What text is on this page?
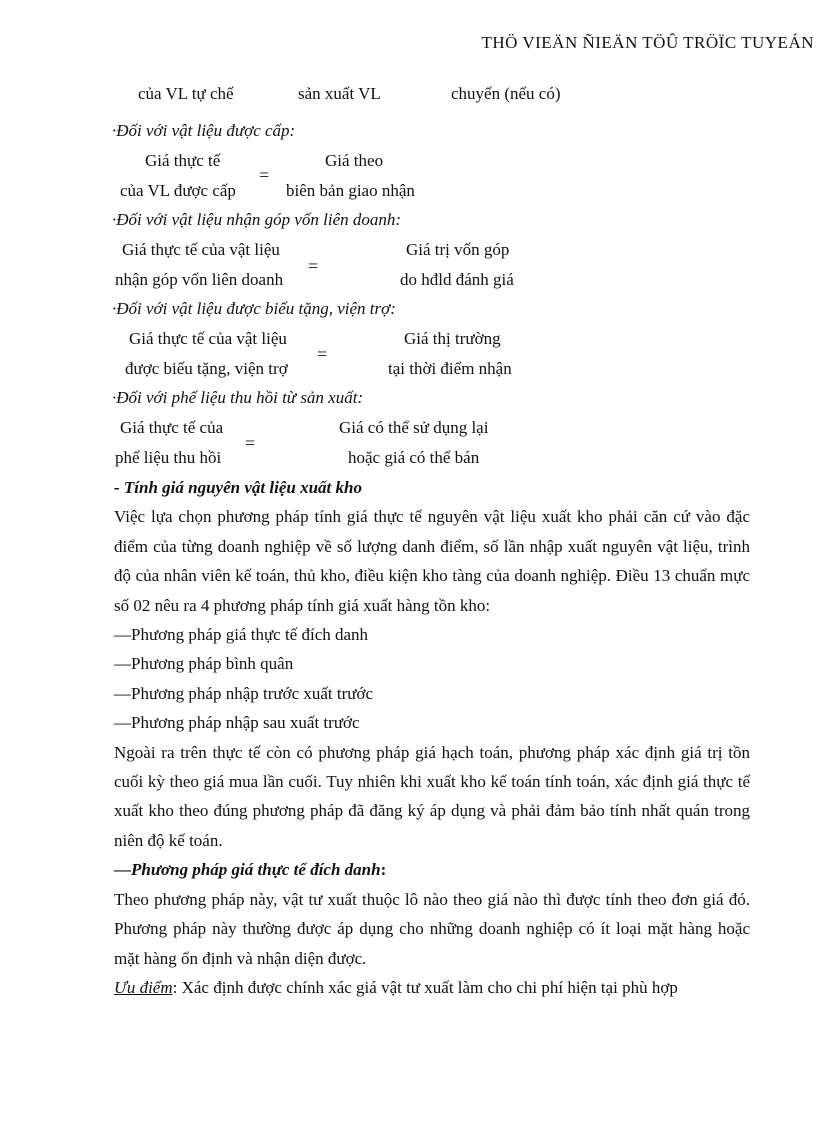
THÖ VIEÄN ÑIEÄN TÖÛ TRÖÏC TUYEÁN
của VL tự chế	sản xuất VL	chuyển (nếu có)
·Đối với vật liệu được cấp:
Giá thực tế
của VL được cấp
=
Giá theo
biên bản giao nhận
·Đối với vật liệu nhận góp vốn liên doanh:
Giá thực tế của vật liệu
nhận góp vốn liên doanh
=
Giá trị vốn góp
do hđld đánh giá
·Đối với vật liệu được biếu tặng, viện trợ:
Giá thực tế của vật liệu
được biếu tặng, viện trợ
=
Giá thị trường
tại thời điểm nhận
·Đối với phế liệu thu hồi từ sản xuất:
Giá thực tế của
phế liệu thu hồi
=
Giá có thể sử dụng lại
hoặc giá có thể bán

- Tính giá nguyên vật liệu xuất kho

Việc lựa chọn phương pháp tính giá thực tế nguyên vật liệu xuất kho phải căn cứ vào đặc điểm của từng doanh nghiệp về số lượng danh điểm, số lần nhập xuất nguyên vật liệu, trình độ của nhân viên kế toán, thủ kho, điều kiện kho tàng của doanh nghiệp. Điều 13 chuẩn mực số 02 nêu ra 4 phương pháp tính giá xuất hàng tồn kho:

—Phương pháp giá thực tế đích danh

—Phương pháp bình quân

—Phương pháp nhập trước xuất trước

—Phương pháp nhập sau xuất trước

Ngoài ra trên thực tế còn có phương pháp giá hạch toán, phương pháp xác định giá trị tồn cuối kỳ theo giá mua lần cuối. Tuy nhiên khi xuất kho kế toán tính toán, xác định giá thực tế xuất kho theo đúng phương pháp đã đăng ký áp dụng và phải đảm bảo tính nhất quán trong niên độ kế toán.

—Phương pháp giá thực tế đích danh:

Theo phương pháp này, vật tư xuất thuộc lô nào theo giá nào thì được tính theo đơn giá đó. Phương pháp này thường được áp dụng cho những doanh nghiệp có ít loại mặt hàng hoặc mặt hàng ổn định và nhận diện được.

Ưu điểm: Xác định được chính xác giá vật tư xuất làm cho chi phí hiện tại phù hợp
